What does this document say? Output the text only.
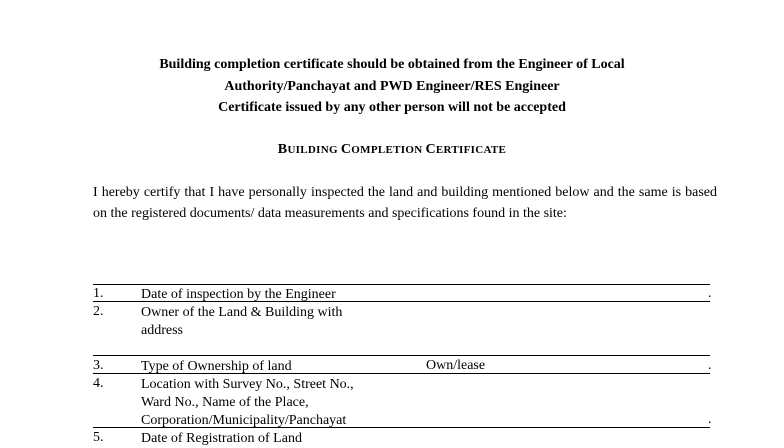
Building completion certificate should be obtained from the Engineer of Local
Authority/Panchayat and PWD Engineer/RES Engineer
Certificate issued by any other person will not be accepted
BUILDING COMPLETION CERTIFICATE
I hereby certify that I have personally inspected the land and building mentioned below and the same is based on the registered documents/ data measurements and specifications found in the site:
1.	Date of inspection by the Engineer	.
2.	Owner of the Land & Building with
address
3.	Type of Ownership of land	Own/lease	.
4.	Location with Survey No., Street No.,
Ward No., Name of the Place,
Corporation/Municipality/Panchayat	.
5.	Date of Registration of Land
